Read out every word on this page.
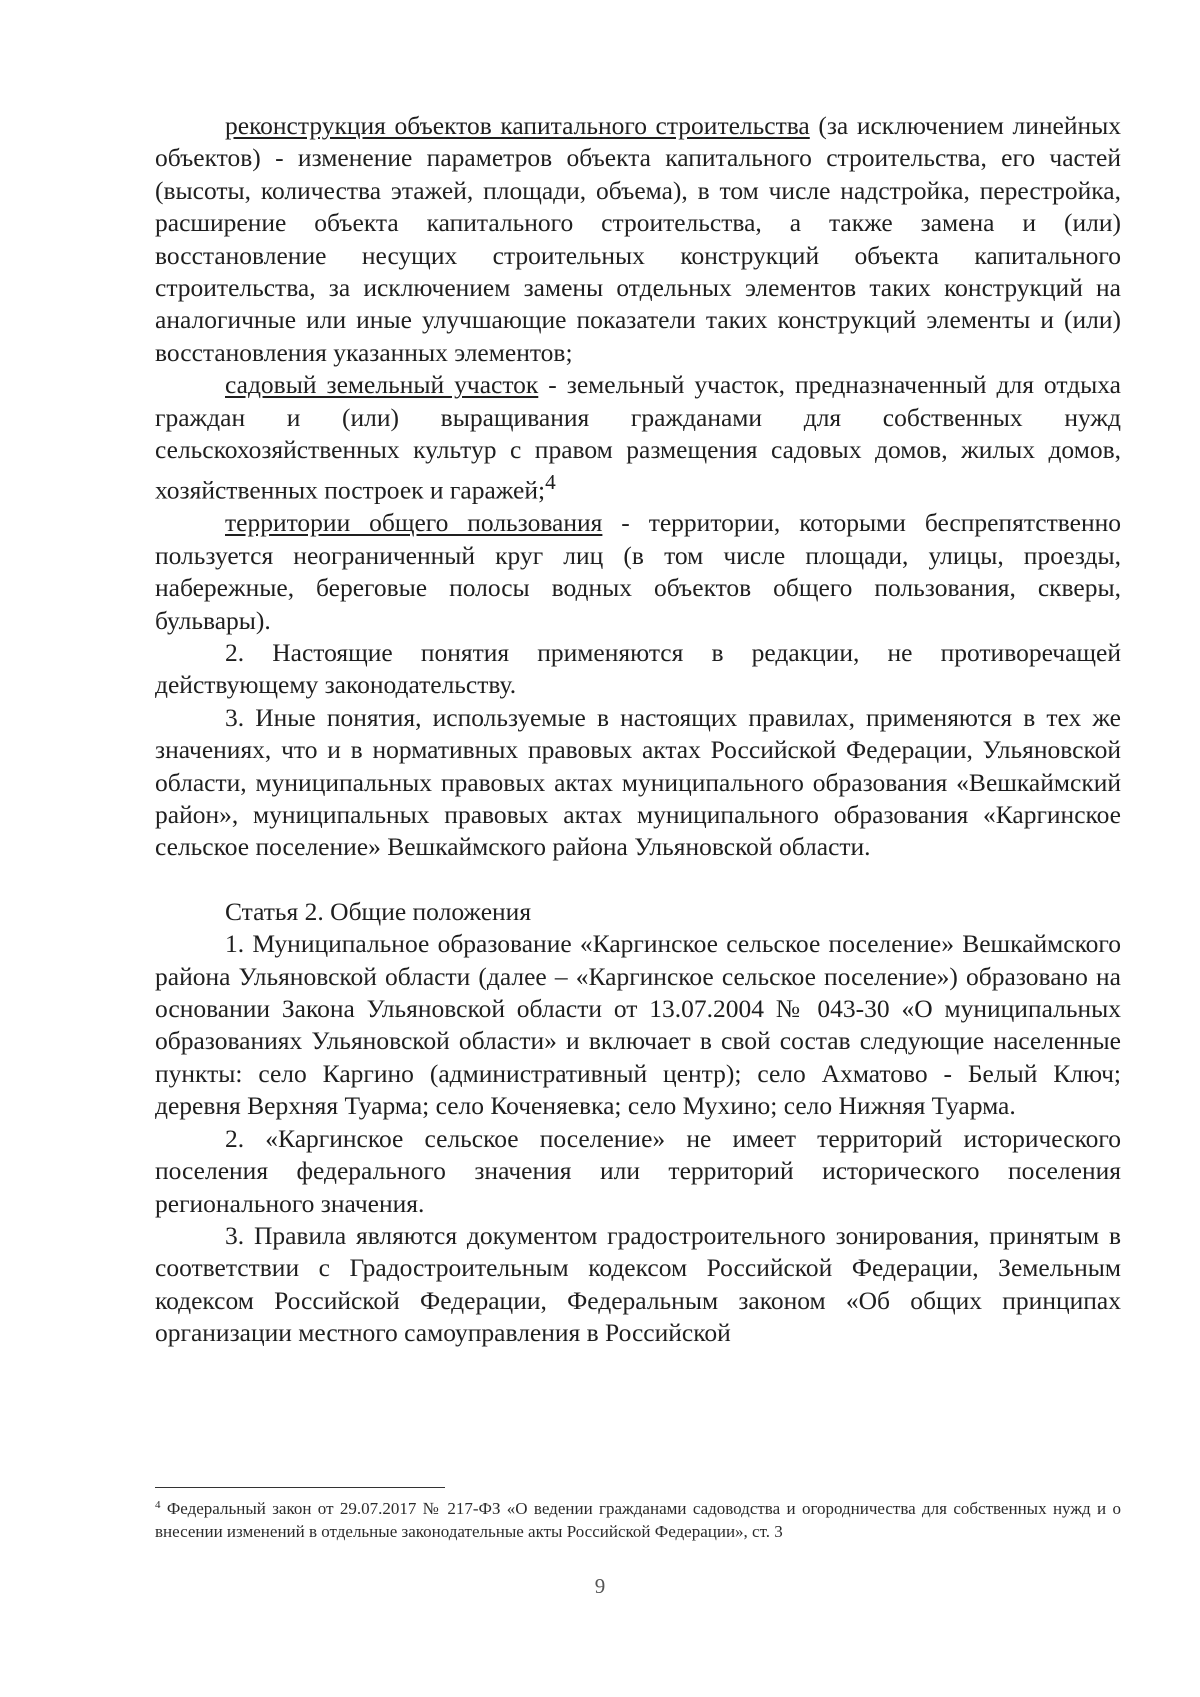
реконструкция объектов капитального строительства (за исключением линейных объектов) - изменение параметров объекта капитального строительства, его частей (высоты, количества этажей, площади, объема), в том числе надстройка, перестройка, расширение объекта капитального строительства, а также замена и (или) восстановление несущих строительных конструкций объекта капитального строительства, за исключением замены отдельных элементов таких конструкций на аналогичные или иные улучшающие показатели таких конструкций элементы и (или) восстановления указанных элементов;

садовый земельный участок - земельный участок, предназначенный для отдыха граждан и (или) выращивания гражданами для собственных нужд сельскохозяйственных культур с правом размещения садовых домов, жилых домов, хозяйственных построек и гаражей;$^4$

территории общего пользования - территории, которыми беспрепятственно пользуется неограниченный круг лиц (в том числе площади, улицы, проезды, набережные, береговые полосы водных объектов общего пользования, скверы, бульвары).

2. Настоящие понятия применяются в редакции, не противоречащей действующему законодательству.

3. Иные понятия, используемые в настоящих правилах, применяются в тех же значениях, что и в нормативных правовых актах Российской Федерации, Ульяновской области, муниципальных правовых актах муниципального образования «Вешкаймский район», муниципальных правовых актах муниципального образования «Каргинское сельское поселение» Вешкаймского района Ульяновской области.

Статья 2. Общие положения

1. Муниципальное образование «Каргинское сельское поселение» Вешкаймского района Ульяновской области (далее – «Каргинское сельское поселение») образовано на основании Закона Ульяновской области от 13.07.2004 № 043-30 «О муниципальных образованиях Ульяновской области» и включает в свой состав следующие населенные пункты: село Каргино (административный центр); село Ахматово - Белый Ключ; деревня Верхняя Туарма; село Коченяевка; село Мухино; село Нижняя Туарма.

2. «Каргинское сельское поселение» не имеет территорий исторического поселения федерального значения или территорий исторического поселения регионального значения.

3. Правила являются документом градостроительного зонирования, принятым в соответствии с Градостроительным кодексом Российской Федерации, Земельным кодексом Российской Федерации, Федеральным законом «Об общих принципах организации местного самоуправления в Российской

$^4$ Федеральный закон от 29.07.2017 № 217-ФЗ «О ведении гражданами садоводства и огородничества для собственных нужд и о внесении изменений в отдельные законодательные акты Российской Федерации», ст. 3
9
